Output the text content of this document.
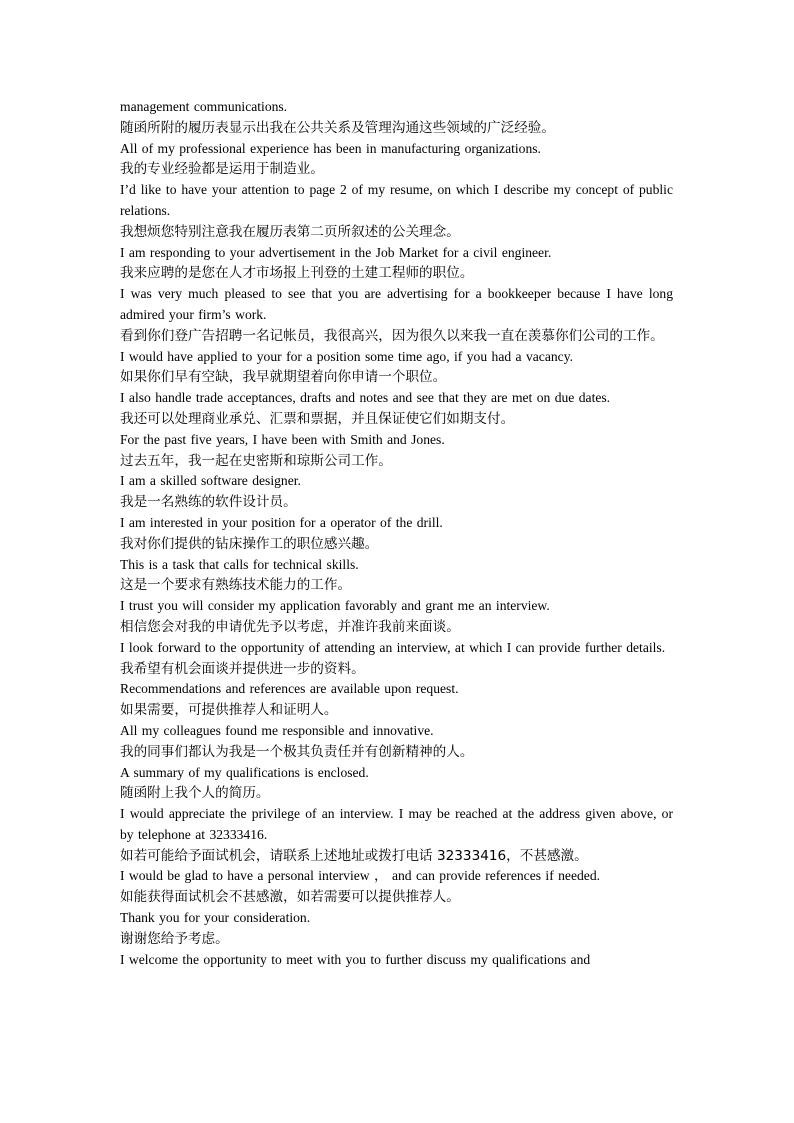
management communications.

随函所附的履历表显示出我在公共关系及管理沟通这些领域的广泛经验。

All of my professional experience has been in manufacturing organizations.

我的专业经验都是运用于制造业。

I’d like to have your attention to page 2 of my resume, on which I describe my concept of public relations.

我想烦您特别注意我在履历表第二页所叙述的公关理念。

I am responding to your advertisement in the Job Market for a civil engineer.

我来应聘的是您在人才市场报上刊登的土建工程师的职位。

I was very much pleased to see that you are advertising for a bookkeeper because I have long admired your firm’s work.

看到你们登广告招聘一名记帐员，我很高兴，因为很久以来我一直在羡慕你们公司的工作。

I would have applied to your for a position some time ago, if you had a vacancy.

如果你们早有空缺，我早就期望着向你申请一个职位。

I also handle trade acceptances, drafts and notes and see that they are met on due dates.

我还可以处理商业承兑、汇票和票据，并且保证使它们如期支付。

For the past five years, I have been with Smith and Jones.

过去五年，我一起在史密斯和琼斯公司工作。

I am a skilled software designer.

我是一名熟练的软件设计员。

I am interested in your position for a operator of the drill.

我对你们提供的钻床操作工的职位感兴趣。

This is a task that calls for technical skills.

这是一个要求有熟练技术能力的工作。

I trust you will consider my application favorably and grant me an interview.

相信您会对我的申请优先予以考虑，并准许我前来面谈。

I look forward to the opportunity of attending an interview, at which I can provide further details.

我希望有机会面谈并提供进一步的资料。

Recommendations and references are available upon request.

如果需要，可提供推荐人和证明人。

All my colleagues found me responsible and innovative.

我的同事们都认为我是一个极其负责任并有创新精神的人。

A summary of my qualifications is enclosed.

随函附上我个人的简历。

I would appreciate the privilege of an interview. I may be reached at the address given above, or by telephone at 32333416.

如若可能给予面试机会，请联系上述地址或拨打电话 32333416，不甚感激。

I would be glad to have a personal interview ， and can provide references if needed.

如能获得面试机会不甚感激，如若需要可以提供推荐人。

Thank you for your consideration.

谢谢您给予考虑。

I welcome the opportunity to meet with you to further discuss my qualifications and
